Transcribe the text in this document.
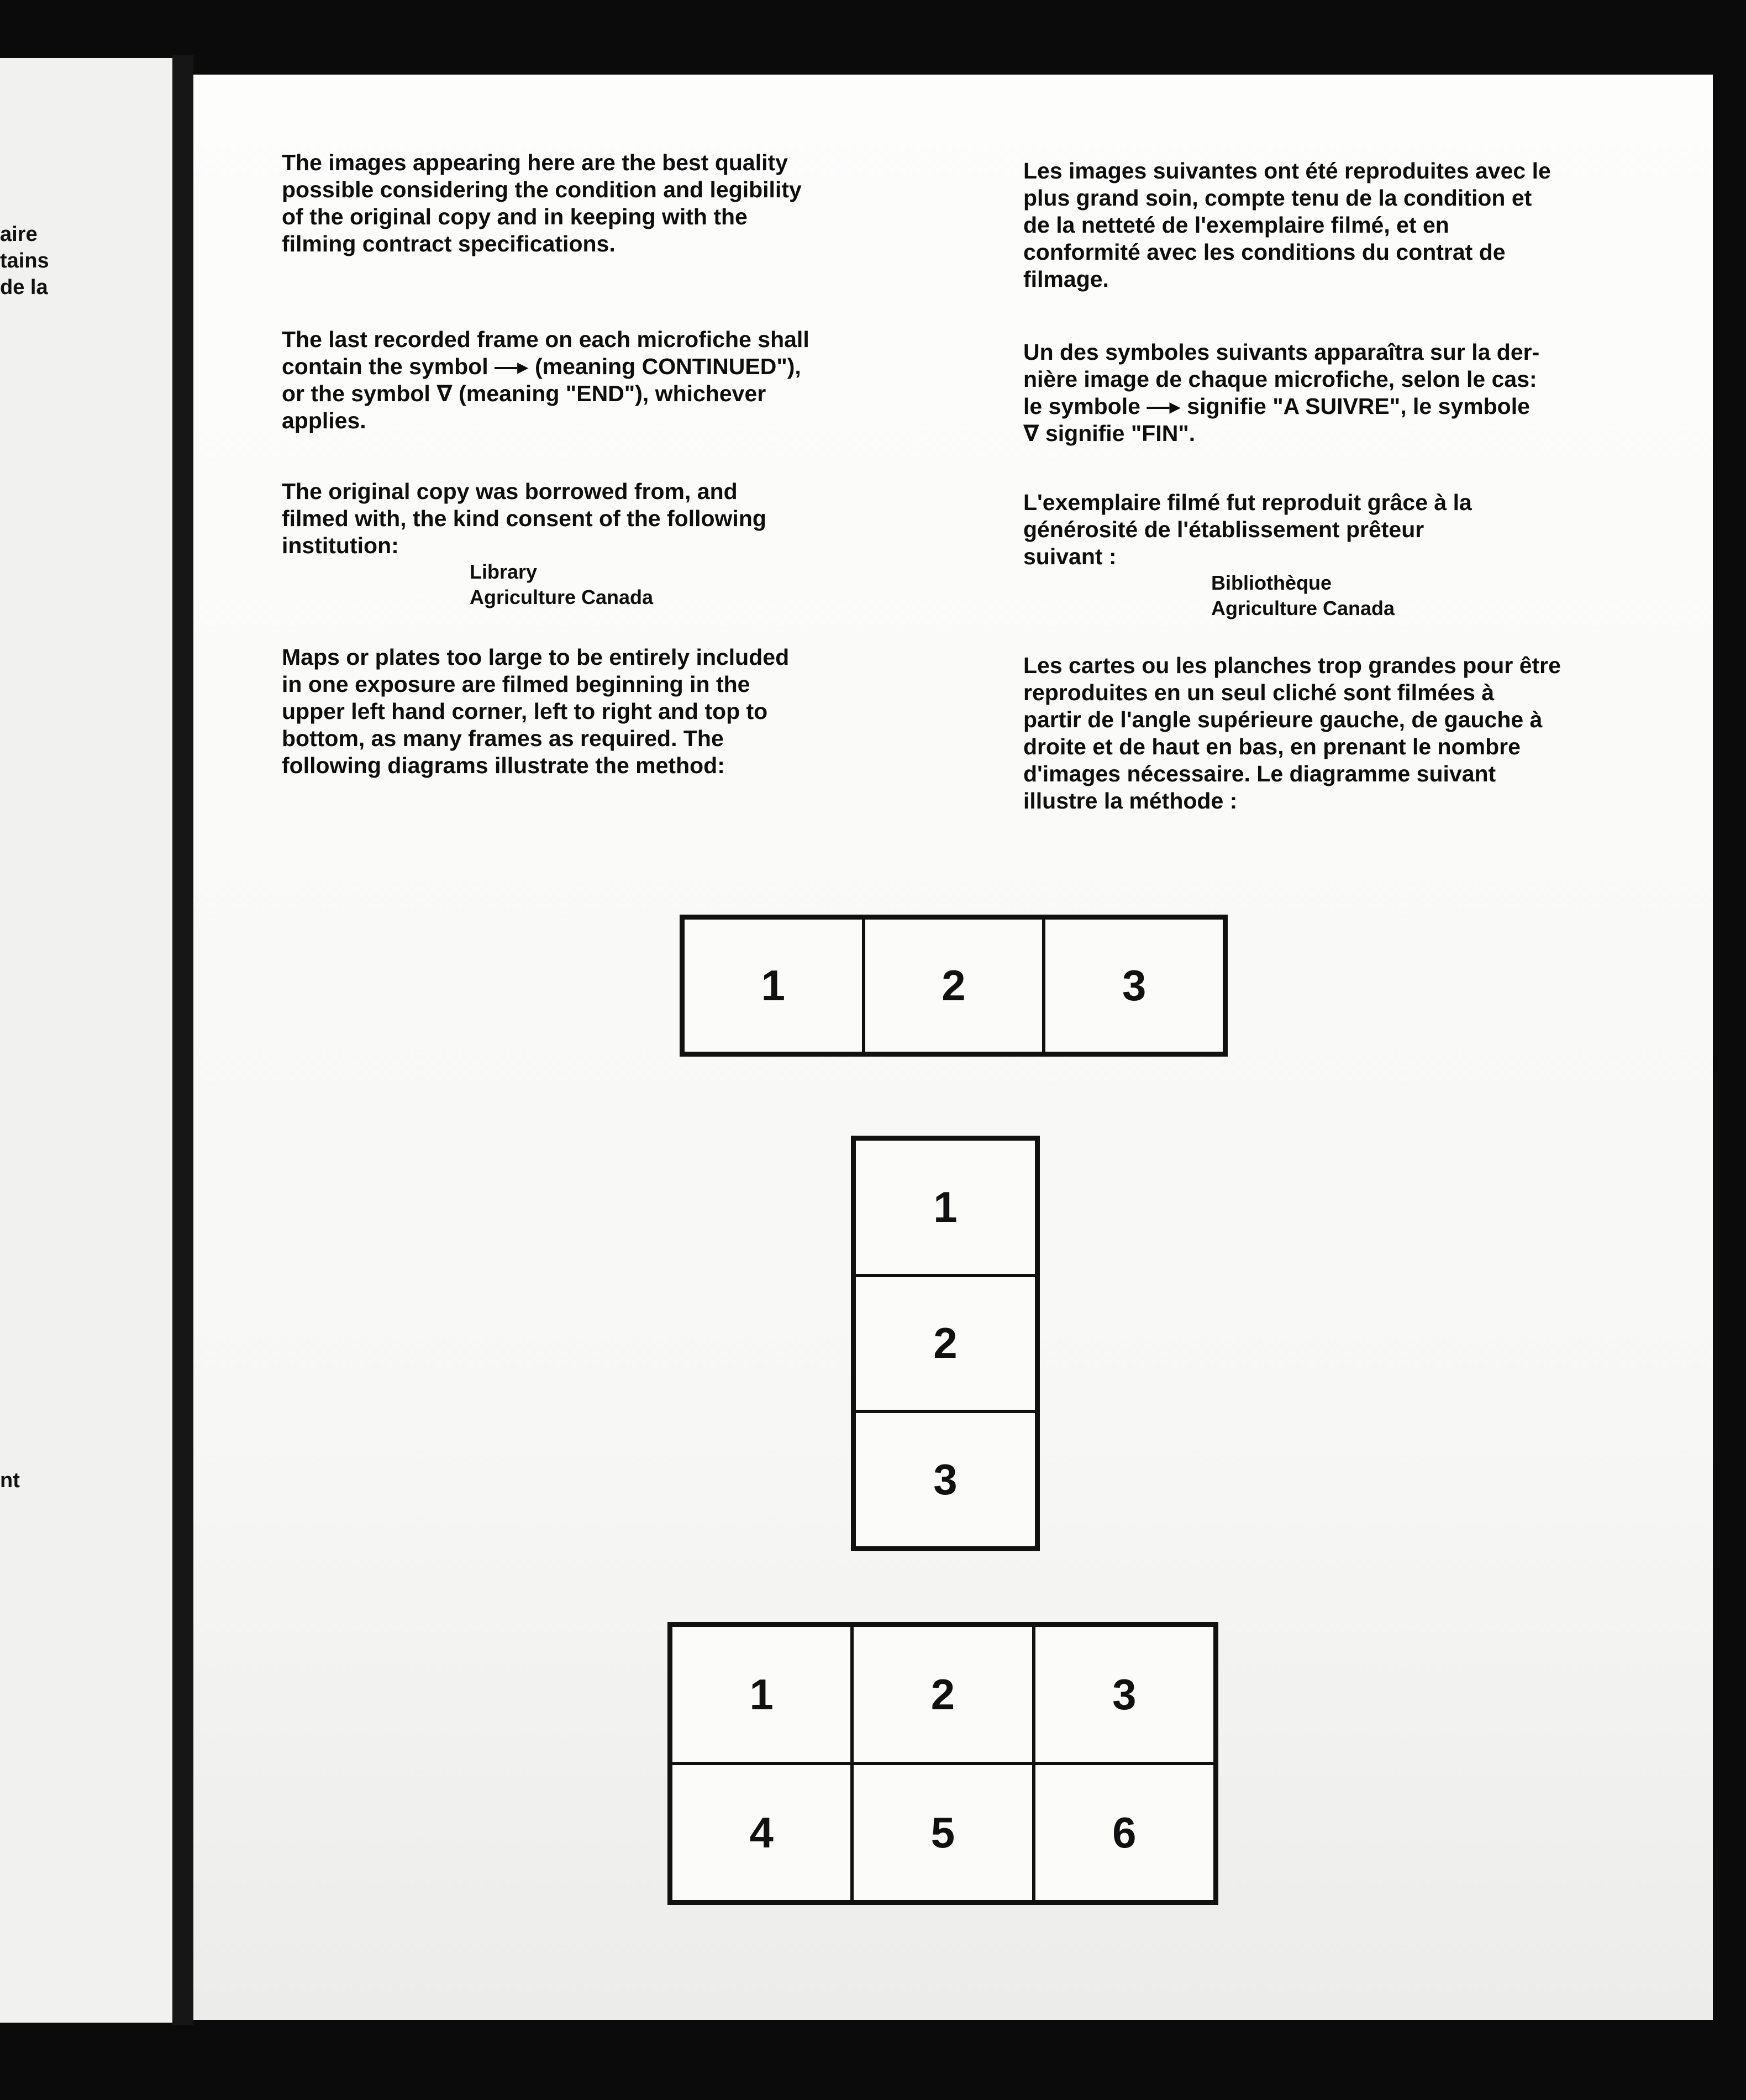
aire
tains
de la
nt

The images appearing here are the best quality
possible considering the condition and legibility
of the original copy and in keeping with the
filming contract specifications.

The last recorded frame on each microfiche shall
contain the symbol —▸ (meaning CONTINUED"),
or the symbol ∇ (meaning "END"), whichever
applies.

The original copy was borrowed from, and
filmed with, the kind consent of the following
institution:

Library
Agriculture Canada

Maps or plates too large to be entirely included
in one exposure are filmed beginning in the
upper left hand corner, left to right and top to
bottom, as many frames as required. The
following diagrams illustrate the method:

Les images suivantes ont été reproduites avec le
plus grand soin, compte tenu de la condition et
de la netteté de l'exemplaire filmé, et en
conformité avec les conditions du contrat de
filmage.

Un des symboles suivants apparaîtra sur la der-
nière image de chaque microfiche, selon le cas:
le symbole —▸ signifie "A SUIVRE", le symbole
∇ signifie "FIN".

L'exemplaire filmé fut reproduit grâce à la
générosité de l'établissement prêteur
suivant :

Bibliothèque
Agriculture Canada

Les cartes ou les planches trop grandes pour être
reproduites en un seul cliché sont filmées à
partir de l'angle supérieure gauche, de gauche à
droite et de haut en bas, en prenant le nombre
d'images nécessaire. Le diagramme suivant
illustre la méthode :

1	2	3
1
2
3
1	2	3
4	5	6
